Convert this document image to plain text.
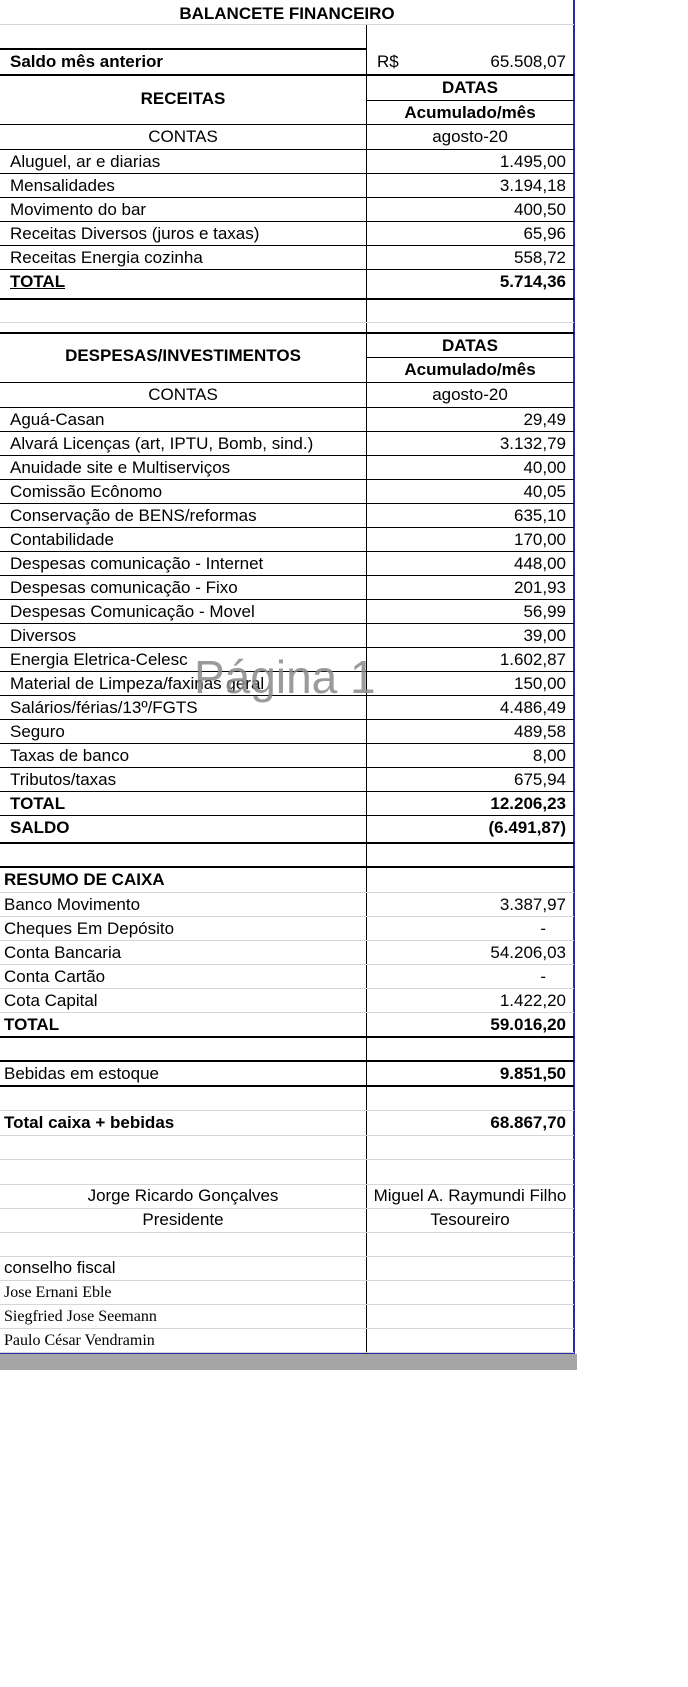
BALANCETE FINANCEIRO
Saldo mês anterior	R$	65.508,07
RECEITAS
DATAS
Acumulado/mês
CONTAS	agosto-20
Aluguel, ar e diarias	1.495,00
Mensalidades	3.194,18
Movimento do bar	400,50
Receitas Diversos (juros e taxas)	65,96
Receitas Energia cozinha	558,72
TOTAL	5.714,36
DESPESAS/INVESTIMENTOS
DATAS
Acumulado/mês
CONTAS	agosto-20
Aguá-Casan	29,49
Alvará Licenças (art, IPTU, Bomb, sind.)	3.132,79
Anuidade site e Multiserviços	40,00
Comissão Ecônomo	40,05
Conservação de BENS/reformas	635,10
Contabilidade	170,00
Despesas comunicação - Internet	448,00
Despesas comunicação - Fixo	201,93
Despesas Comunicação - Movel	56,99
Diversos	39,00
Energia Eletrica-Celesc	1.602,87
Material de Limpeza/faxinas geral	150,00
Salários/férias/13º/FGTS	4.486,49
Seguro	489,58
Taxas de banco	8,00
Tributos/taxas	675,94
TOTAL	12.206,23
SALDO	(6.491,87)
RESUMO DE CAIXA
Banco Movimento	3.387,97
Cheques Em Depósito	-
Conta Bancaria	54.206,03
Conta Cartão	-
Cota Capital	1.422,20
TOTAL	59.016,20
Bebidas em estoque	9.851,50
Total caixa + bebidas	68.867,70
Jorge Ricardo Gonçalves	Miguel A. Raymundi Filho
Presidente	Tesoureiro
conselho fiscal
Jose Ernani Eble
Siegfried Jose Seemann
Paulo César Vendramin
Página 1
